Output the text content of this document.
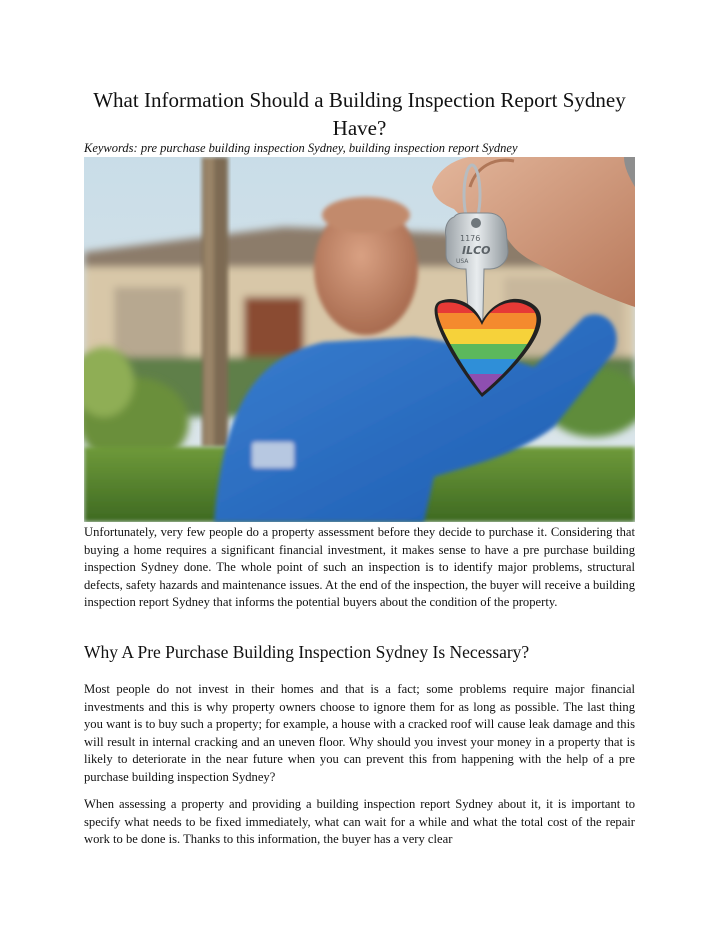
What Information Should a Building Inspection Report Sydney Have?
Keywords: pre purchase building inspection Sydney, building inspection report Sydney
1176
ILCO
USA

Unfortunately, very few people do a property assessment before they decide to purchase it. Considering that buying a home requires a significant financial investment, it makes sense to have a pre purchase building inspection Sydney done. The whole point of such an inspection is to identify major problems, structural defects, safety hazards and maintenance issues. At the end of the inspection, the buyer will receive a building inspection report Sydney that informs the potential buyers about the condition of the property.

Why A Pre Purchase Building Inspection Sydney Is Necessary?

Most people do not invest in their homes and that is a fact; some problems require major financial investments and this is why property owners choose to ignore them for as long as possible. The last thing you want is to buy such a property; for example, a house with a cracked roof will cause leak damage and this will result in internal cracking and an uneven floor. Why should you invest your money in a property that is likely to deteriorate in the near future when you can prevent this from happening with the help of a pre purchase building inspection Sydney?

When assessing a property and providing a building inspection report Sydney about it, it is important to specify what needs to be fixed immediately, what can wait for a while and what the total cost of the repair work to be done is. Thanks to this information, the buyer has a very clear
